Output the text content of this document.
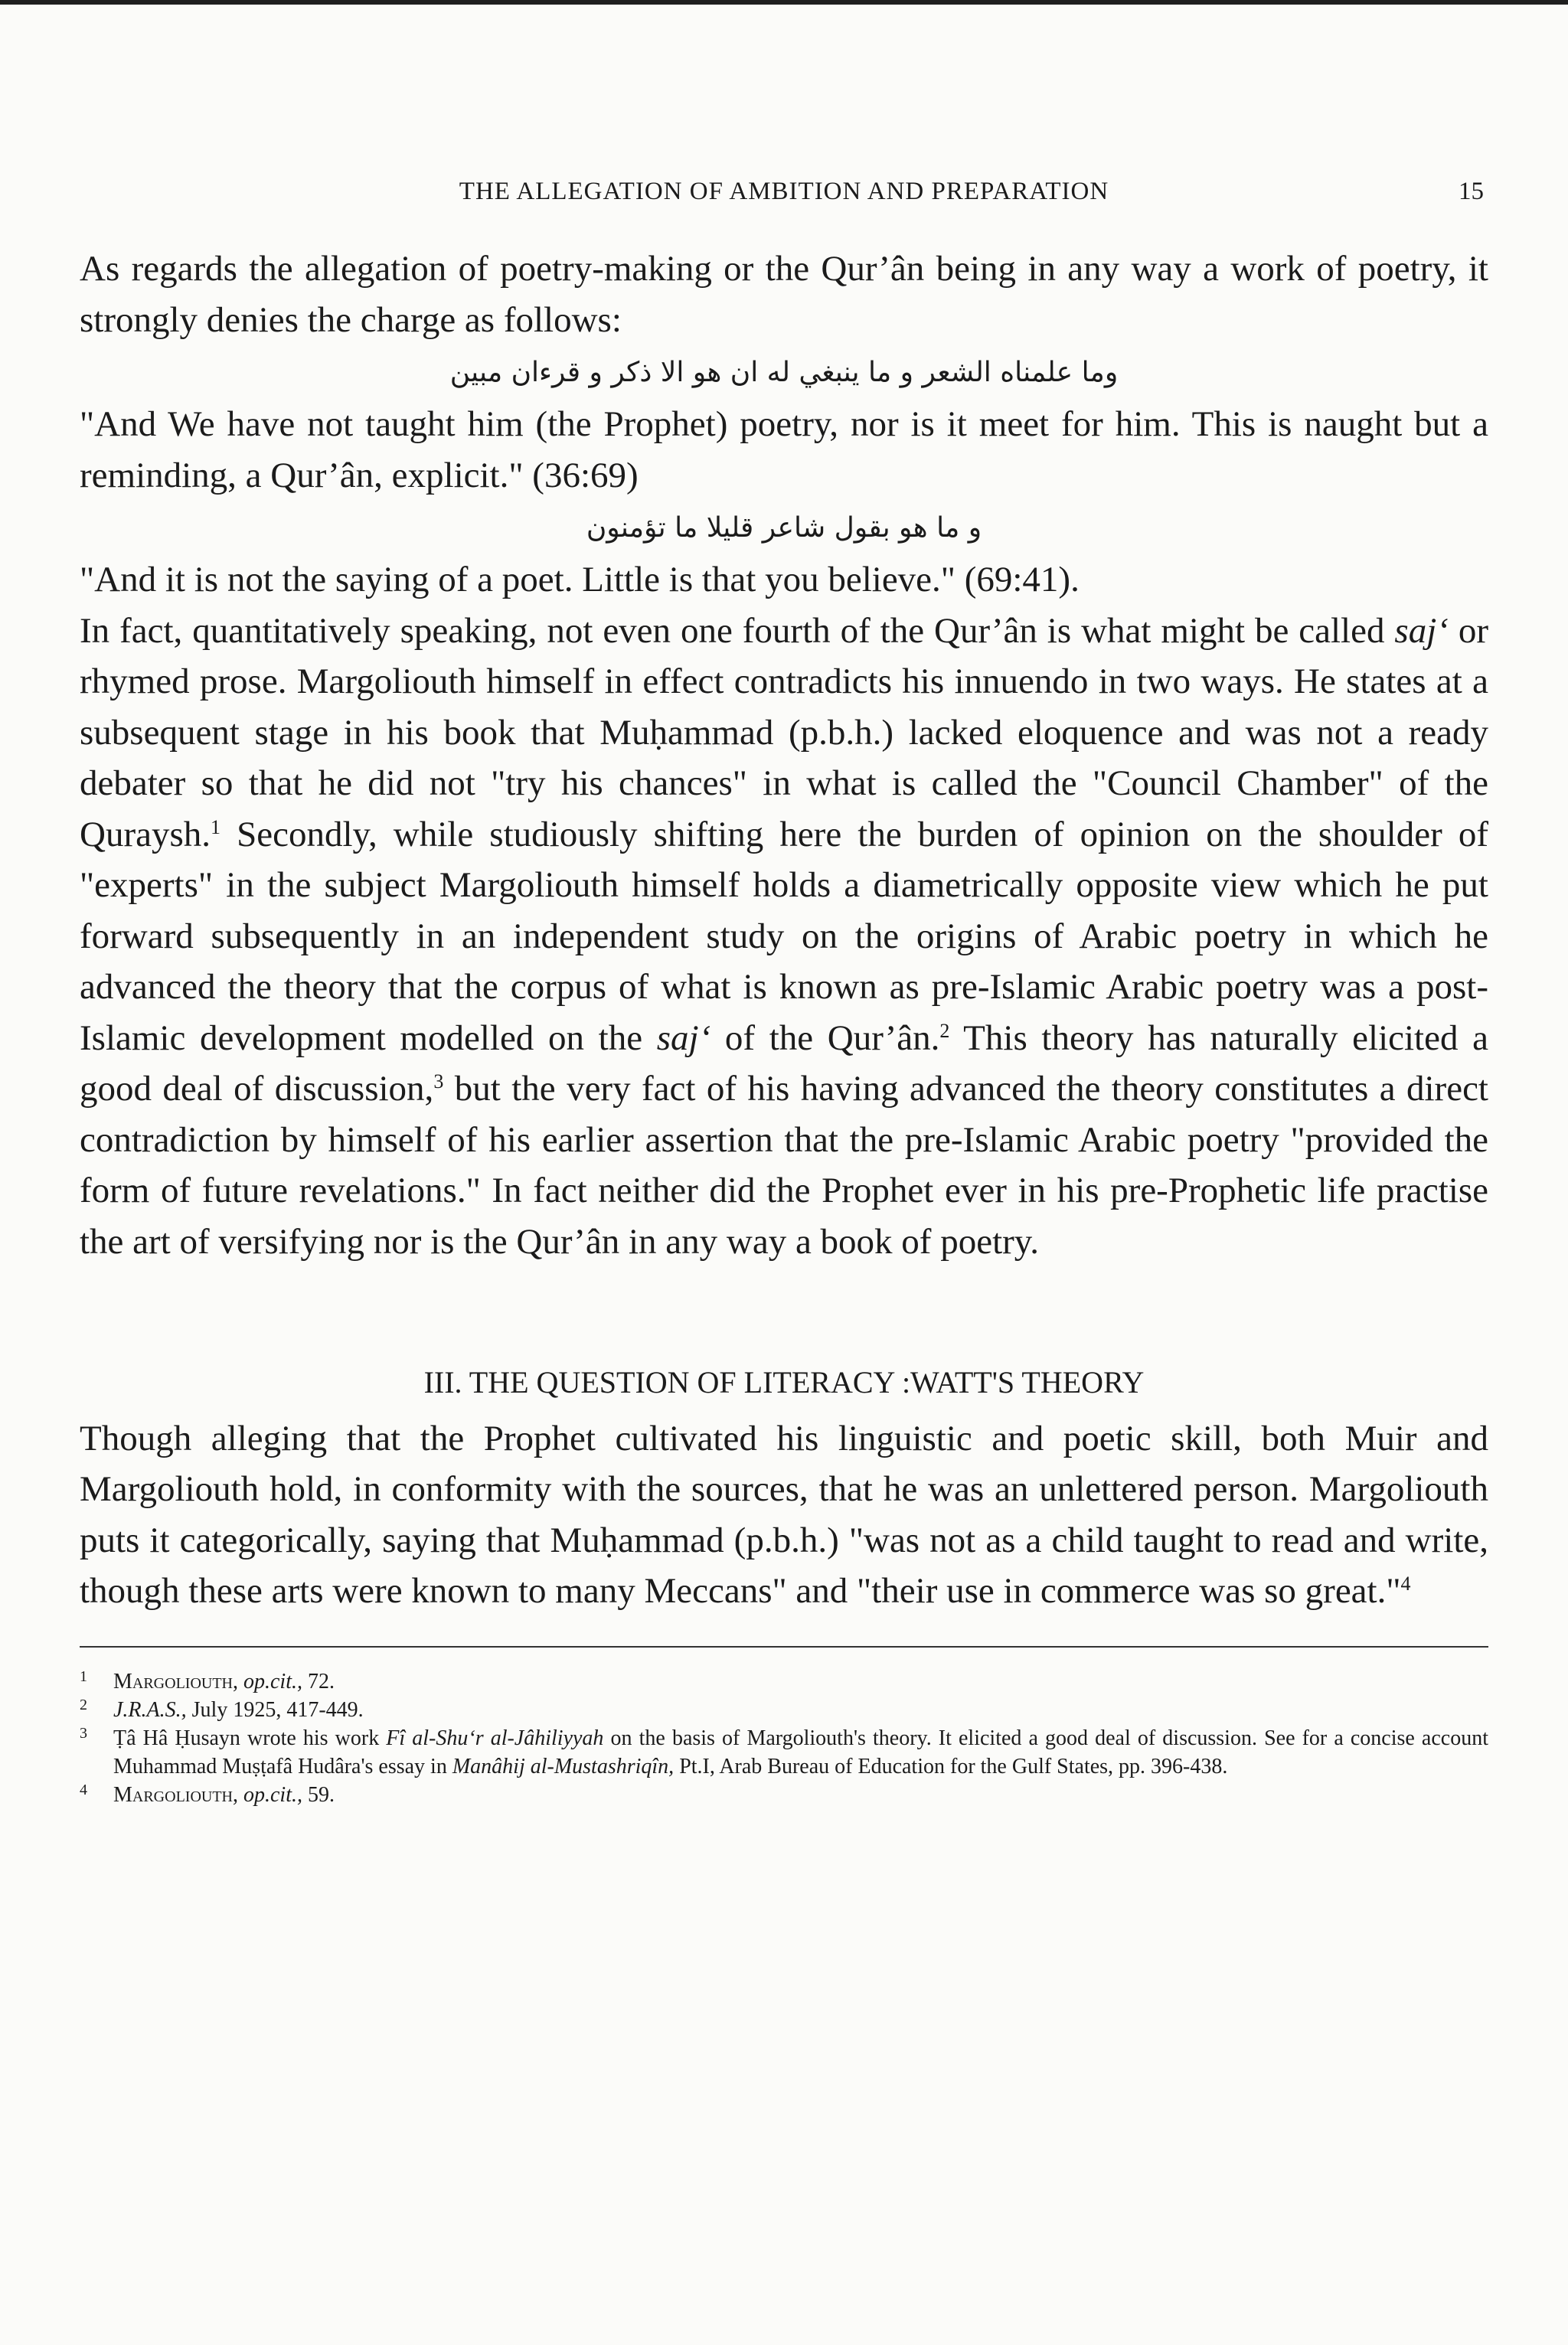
THE ALLEGATION OF AMBITION AND PREPARATION	15

As regards the allegation of poetry-making or the Qur’ân being in any way a work of poetry, it strongly denies the charge as follows:

وما علمناه الشعر و ما ينبغي له ان هو الا ذكر و قرءان مبين

"And We have not taught him (the Prophet) poetry, nor is it meet for him. This is naught but a reminding, a Qur’ân, explicit." (36:69)

و ما هو بقول شاعر قليلا ما تؤمنون

"And it is not the saying of a poet. Little is that you believe." (69:41).

In fact, quantitatively speaking, not even one fourth of the Qur’ân is what might be called saj‘ or rhymed prose. Margoliouth himself in effect contradicts his innuendo in two ways. He states at a subsequent stage in his book that Muḥammad (p.b.h.) lacked eloquence and was not a ready debater so that he did not "try his chances" in what is called the "Council Chamber" of the Quraysh.$^1$ Secondly, while studiously shifting here the burden of opinion on the shoulder of "experts" in the subject Margoliouth himself holds a diametrically opposite view which he put forward subsequently in an independent study on the origins of Arabic poetry in which he advanced the theory that the corpus of what is known as pre-Islamic Arabic poetry was a post-Islamic development modelled on the saj‘ of the Qur’ân.$^2$ This theory has naturally elicited a good deal of discussion,$^3$ but the very fact of his having advanced the theory constitutes a direct contradiction by himself of his earlier assertion that the pre-Islamic Arabic poetry "provided the form of future revelations." In fact neither did the Prophet ever in his pre-Prophetic life practise the art of versifying nor is the Qur’ân in any way a book of poetry.

III. THE QUESTION OF LITERACY :WATT'S THEORY

Though alleging that the Prophet cultivated his linguistic and poetic skill, both Muir and Margoliouth hold, in conformity with the sources, that he was an unlettered person. Margoliouth puts it categorically, saying that Muḥammad (p.b.h.) "was not as a child taught to read and write, though these arts were known to many Meccans" and "their use in commerce was so great."$^4$

1 Margoliouth, op.cit., 72.
2 J.R.A.S., July 1925, 417-449.
3 Ṭâ Hâ Ḥusayn wrote his work Fî al-Shu‘r al-Jâhiliyyah on the basis of Margoliouth's theory. It elicited a good deal of discussion. See for a concise account Muhammad Muṣṭafâ Hudâra's essay in Manâhij al-Mustashriqîn, Pt.I, Arab Bureau of Education for the Gulf States, pp. 396-438.
4 Margoliouth, op.cit., 59.
